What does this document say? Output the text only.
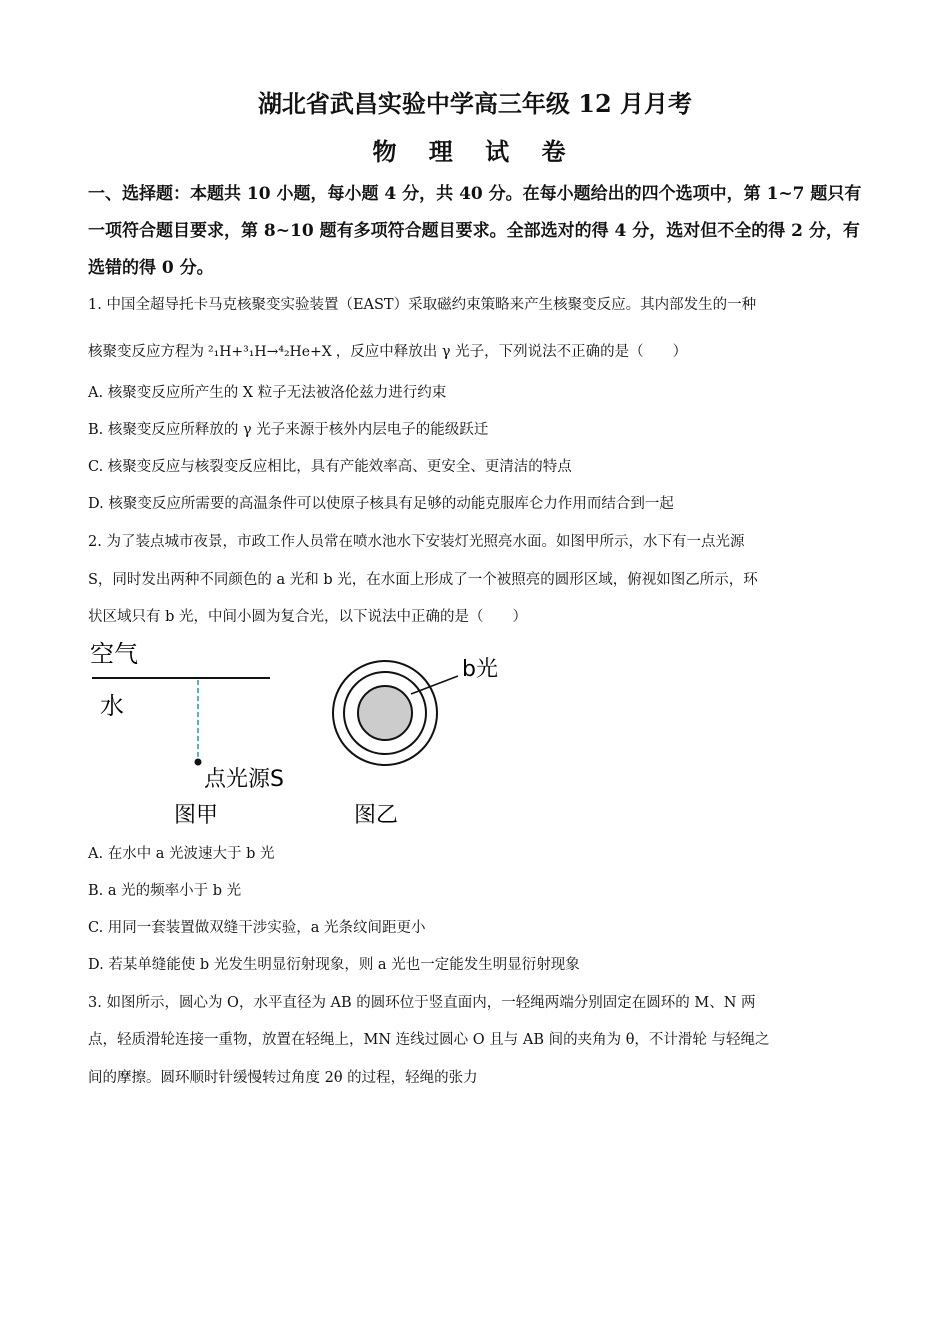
湖北省武昌实验中学高三年级 12 月月考
物 理 试 卷
一、选择题：本题共 10 小题，每小题 4 分，共 40 分。在每小题给出的四个选项中，第 1~7 题只有一项符合题目要求，第 8~10 题有多项符合题目要求。全部选对的得 4 分，选对但不全的得 2 分，有选错的得 0 分。
1. 中国全超导托卡马克核聚变实验装置（EAST）采取磁约束策略来产生核聚变反应。其内部发生的一种
核聚变反应方程为 ²₁H+³₁H→⁴₂He+X ，反应中释放出 γ 光子，下列说法不正确的是（　　）
A. 核聚变反应所产生的 X 粒子无法被洛伦兹力进行约束
B. 核聚变反应所释放的 γ 光子来源于核外内层电子的能级跃迁
C. 核聚变反应与核裂变反应相比，具有产能效率高、更安全、更清洁的特点
D. 核聚变反应所需要的高温条件可以使原子核具有足够的动能克服库仑力作用而结合到一起
2. 为了装点城市夜景，市政工作人员常在喷水池水下安装灯光照亮水面。如图甲所示，水下有一点光源
S，同时发出两种不同颜色的 a 光和 b 光，在水面上形成了一个被照亮的圆形区域，俯视如图乙所示，环
状区域只有 b 光，中间小圆为复合光，以下说法中正确的是（　　）
空气
水
点光源S
图甲
b光
图乙
A. 在水中 a 光波速大于 b 光
B. a 光的频率小于 b 光
C. 用同一套装置做双缝干涉实验，a 光条纹间距更小
D. 若某单缝能使 b 光发生明显衍射现象，则 a 光也一定能发生明显衍射现象
3. 如图所示，圆心为 O，水平直径为 AB 的圆环位于竖直面内，一轻绳两端分别固定在圆环的 M、N 两
点，轻质滑轮连接一重物，放置在轻绳上，MN 连线过圆心 O 且与 AB 间的夹角为 θ，不计滑轮 与轻绳之
间的摩擦。圆环顺时针缓慢转过角度 2θ 的过程，轻绳的张力
